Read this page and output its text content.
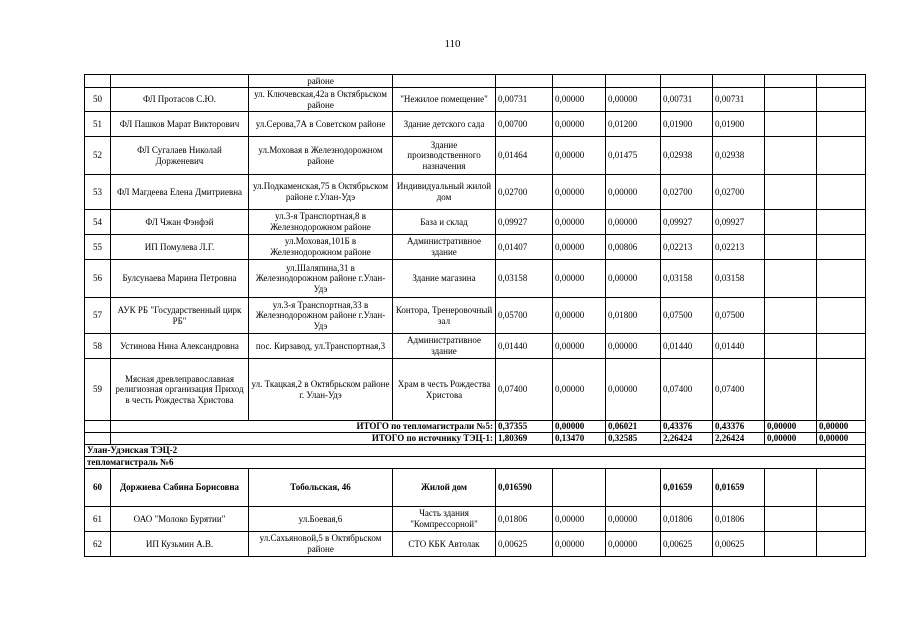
110
		районе								
50	ФЛ Протасов С.Ю.	ул. Ключевская,42а в Октябрьском районе	"Нежилое помещение"	0,00731	0,00000	0,00000	0,00731	0,00731		
51	ФЛ Пашков Марат Викторович	ул.Серова,7А в Советском районе	Здание детского сада	0,00700	0,00000	0,01200	0,01900	0,01900		
52	ФЛ Сугалаев Николай Дорженевич	ул.Моховая в Железнодорожном районе	Здание производственного назначения	0,01464	0,00000	0,01475	0,02938	0,02938		
53	ФЛ Магдеева Елена Дмитриевна	ул.Подкаменская,75 в Октябрьском районе г.Улан-Удэ	Индивидуальный жилой дом	0,02700	0,00000	0,00000	0,02700	0,02700		
54	ФЛ Чжан Фэнфэй	ул.3-я Транспортная,8 в Железнодорожном районе	База и склад	0,09927	0,00000	0,00000	0,09927	0,09927		
55	ИП Помулева Л.Г.	ул.Моховая,101Б в Железнодорожном районе	Административное здание	0,01407	0,00000	0,00806	0,02213	0,02213		
56	Булсунаева Марина Петровна	ул.Шаляпина,31 в Железнодорожном районе г.Улан-Удэ	Здание магазина	0,03158	0,00000	0,00000	0,03158	0,03158		
57	АУК РБ "Государственный цирк РБ"	ул.3-я Транспортная,33 в Железнодорожном районе г.Улан-Удэ	Контора, Тренеровочный зал	0,05700	0,00000	0,01800	0,07500	0,07500		
58	Устинова Нина Александровна	пос. Кирзавод, ул.Транспортная,3	Административное здание	0,01440	0,00000	0,00000	0,01440	0,01440		
59	Мясная древлеправославная религиозная организация Приход в честь Рождества Христова	ул. Ткацкая,2 в Октябрьском районе г. Улан-Удэ	Храм в честь Рождества Христова	0,07400	0,00000	0,00000	0,07400	0,07400		
	ИТОГО по тепломагистрали №5:			0,37355	0,00000	0,06021	0,43376	0,43376	0,00000	0,00000
	ИТОГО по источнику ТЭЦ-1:			1,80369	0,13470	0,32585	2,26424	2,26424	0,00000	0,00000
Улан-Удэнская ТЭЦ-2										
тепломагистраль №6										
60	Доржиева Сабина Борисовна	Тобольская, 46	Жилой дом	0,016590			0,01659	0,01659		
61	ОАО "Молоко Бурятии"	ул.Боевая,6	Часть здания "Компрессорной"	0,01806	0,00000	0,00000	0,01806	0,01806		
62	ИП Кузьмин А.В.	ул.Сахьяновой,5 в Октябрьском районе	СТО КБК Автолак	0,00625	0,00000	0,00000	0,00625	0,00625		
